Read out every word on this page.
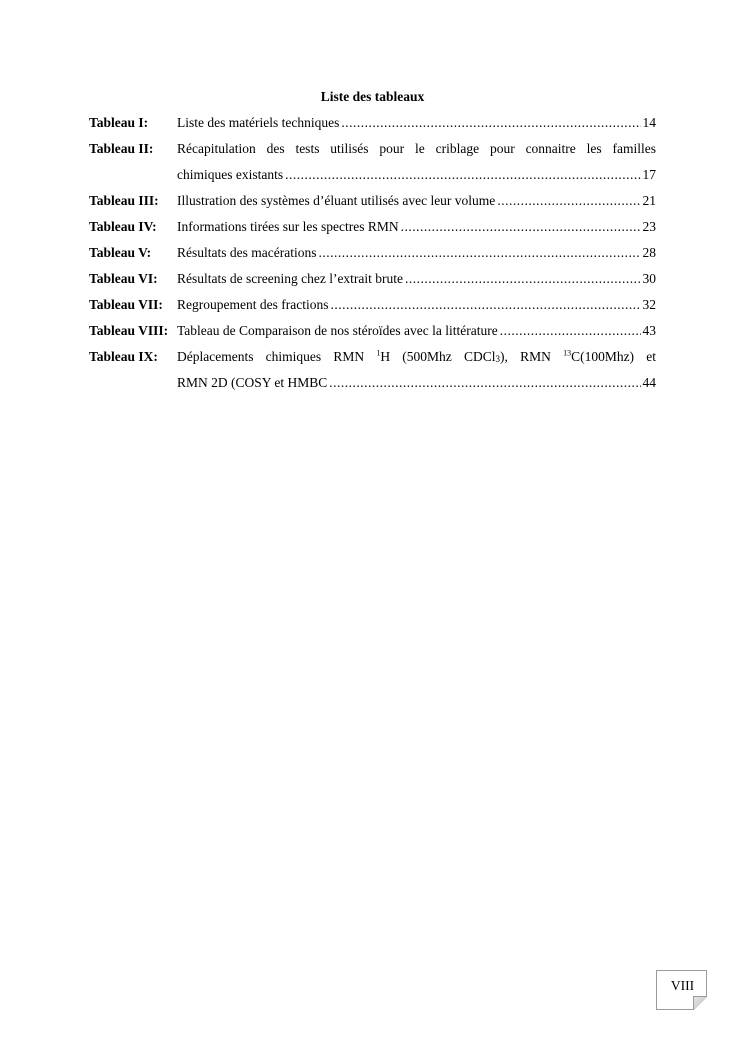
Liste des tableaux
Tableau I:	Liste des matériels techniques .....	14
Tableau II:	Récapitulation des tests utilisés pour le criblage pour connaitre les familles
chimiques existants .....	17
Tableau III:	Illustration des systèmes d’éluant utilisés avec leur volume .....	21
Tableau IV:	Informations tirées sur les spectres RMN .....	23
Tableau V:	Résultats des macérations .....	28
Tableau VI:	Résultats de screening chez l’extrait brute .....	30
Tableau VII:	Regroupement des fractions .....	32
Tableau VIII: Tableau de Comparaison de nos stéroïdes avec la littérature .....	43
Tableau IX:	Déplacements chimiques RMN $^1$H (500Mhz CDCl$_3$), RMN $^{13}$C(100Mhz) et
RMN 2D (COSY et HMBC .....	44
VIII
